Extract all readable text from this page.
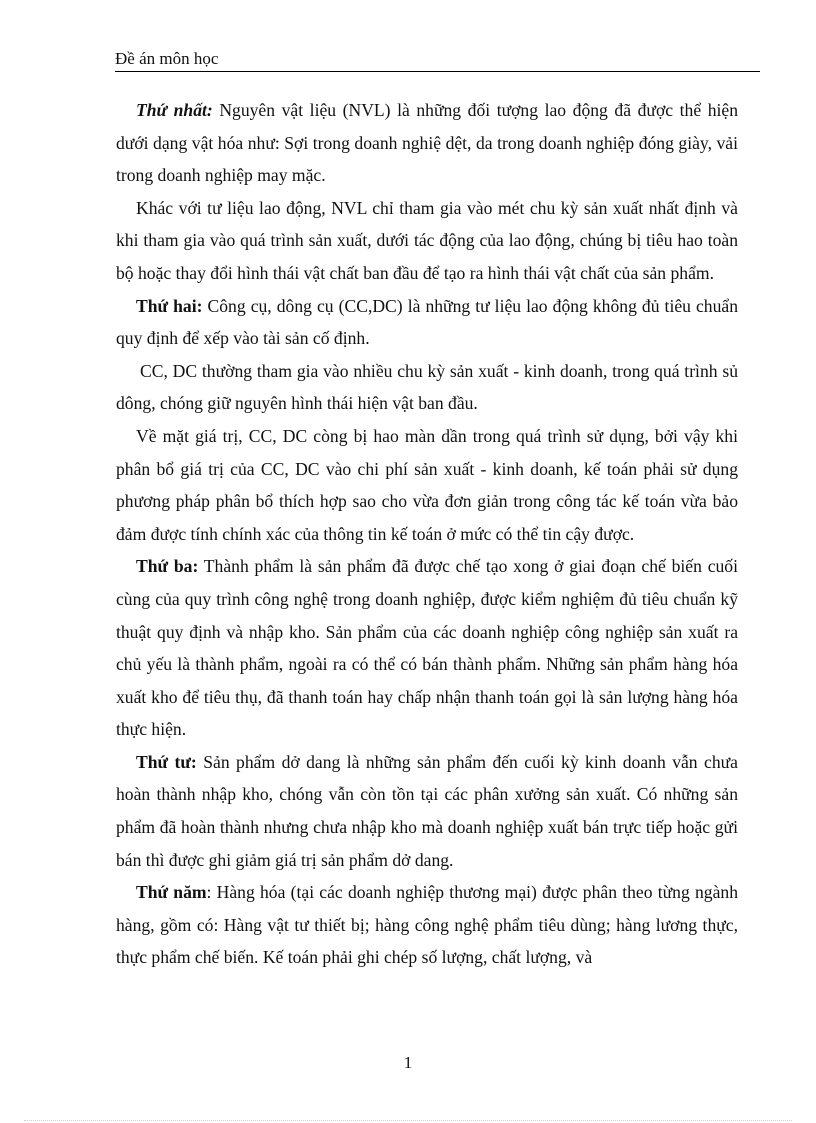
Đề án môn học

Thứ nhất: Nguyên vật liệu (NVL) là những đối tượng lao động đã được thể hiện dưới dạng vật hóa như: Sợi trong doanh nghiệ dệt, da trong doanh nghiệp đóng giày, vải trong doanh nghiệp may mặc.

Khác với tư liệu lao động, NVL chỉ tham gia vào mét chu kỳ sản xuất nhất định và khi tham gia vào quá trình sản xuất, dưới tác động của lao động, chúng bị tiêu hao toàn bộ hoặc thay đổi hình thái vật chất ban đầu để tạo ra hình thái vật chất của sản phẩm.

Thứ hai: Công cụ, dông cụ (CC,DC) là những tư liệu lao động không đủ tiêu chuẩn quy định để xếp vào tài sản cố định.

CC, DC thường tham gia vào nhiều chu kỳ sản xuất - kinh doanh, trong quá trình sủ dông, chóng giữ nguyên hình thái hiện vật ban đầu.

Về mặt giá trị, CC, DC còng bị hao màn dần trong quá trình sử dụng, bởi vậy khi phân bổ giá trị của CC, DC vào chi phí sản xuất - kinh doanh, kế toán phải sử dụng phương pháp phân bổ thích hợp sao cho vừa đơn giản trong công tác kế toán vừa bảo đảm được tính chính xác của thông tin kế toán ở mức có thể tin cậy được.

Thứ ba: Thành phẩm là sản phẩm đã được chế tạo xong ở giai đoạn chế biến cuối cùng của quy trình công nghệ trong doanh nghiệp, được kiểm nghiệm đủ tiêu chuẩn kỹ thuật quy định và nhập kho. Sản phẩm của các doanh nghiệp công nghiệp sản xuất ra chủ yếu là thành phẩm, ngoài ra có thể có bán thành phẩm. Những sản phẩm hàng hóa xuất kho để tiêu thụ, đã thanh toán hay chấp nhận thanh toán gọi là sản lượng hàng hóa thực hiện.

Thứ tư: Sản phẩm dở dang là những sản phẩm đến cuối kỳ kinh doanh vẫn chưa hoàn thành nhập kho, chóng vẫn còn tồn tại các phân xưởng sản xuất. Có những sản phẩm đã hoàn thành nhưng chưa nhập kho mà doanh nghiệp xuất bán trực tiếp hoặc gửi bán thì được ghi giảm giá trị sản phẩm dở dang.

Thứ năm: Hàng hóa (tại các doanh nghiệp thương mại) được phân theo từng ngành hàng, gồm có: Hàng vật tư thiết bị; hàng công nghệ phẩm tiêu dùng; hàng lương thực, thực phẩm chế biến. Kế toán phải ghi chép số lượng, chất lượng, và

1
